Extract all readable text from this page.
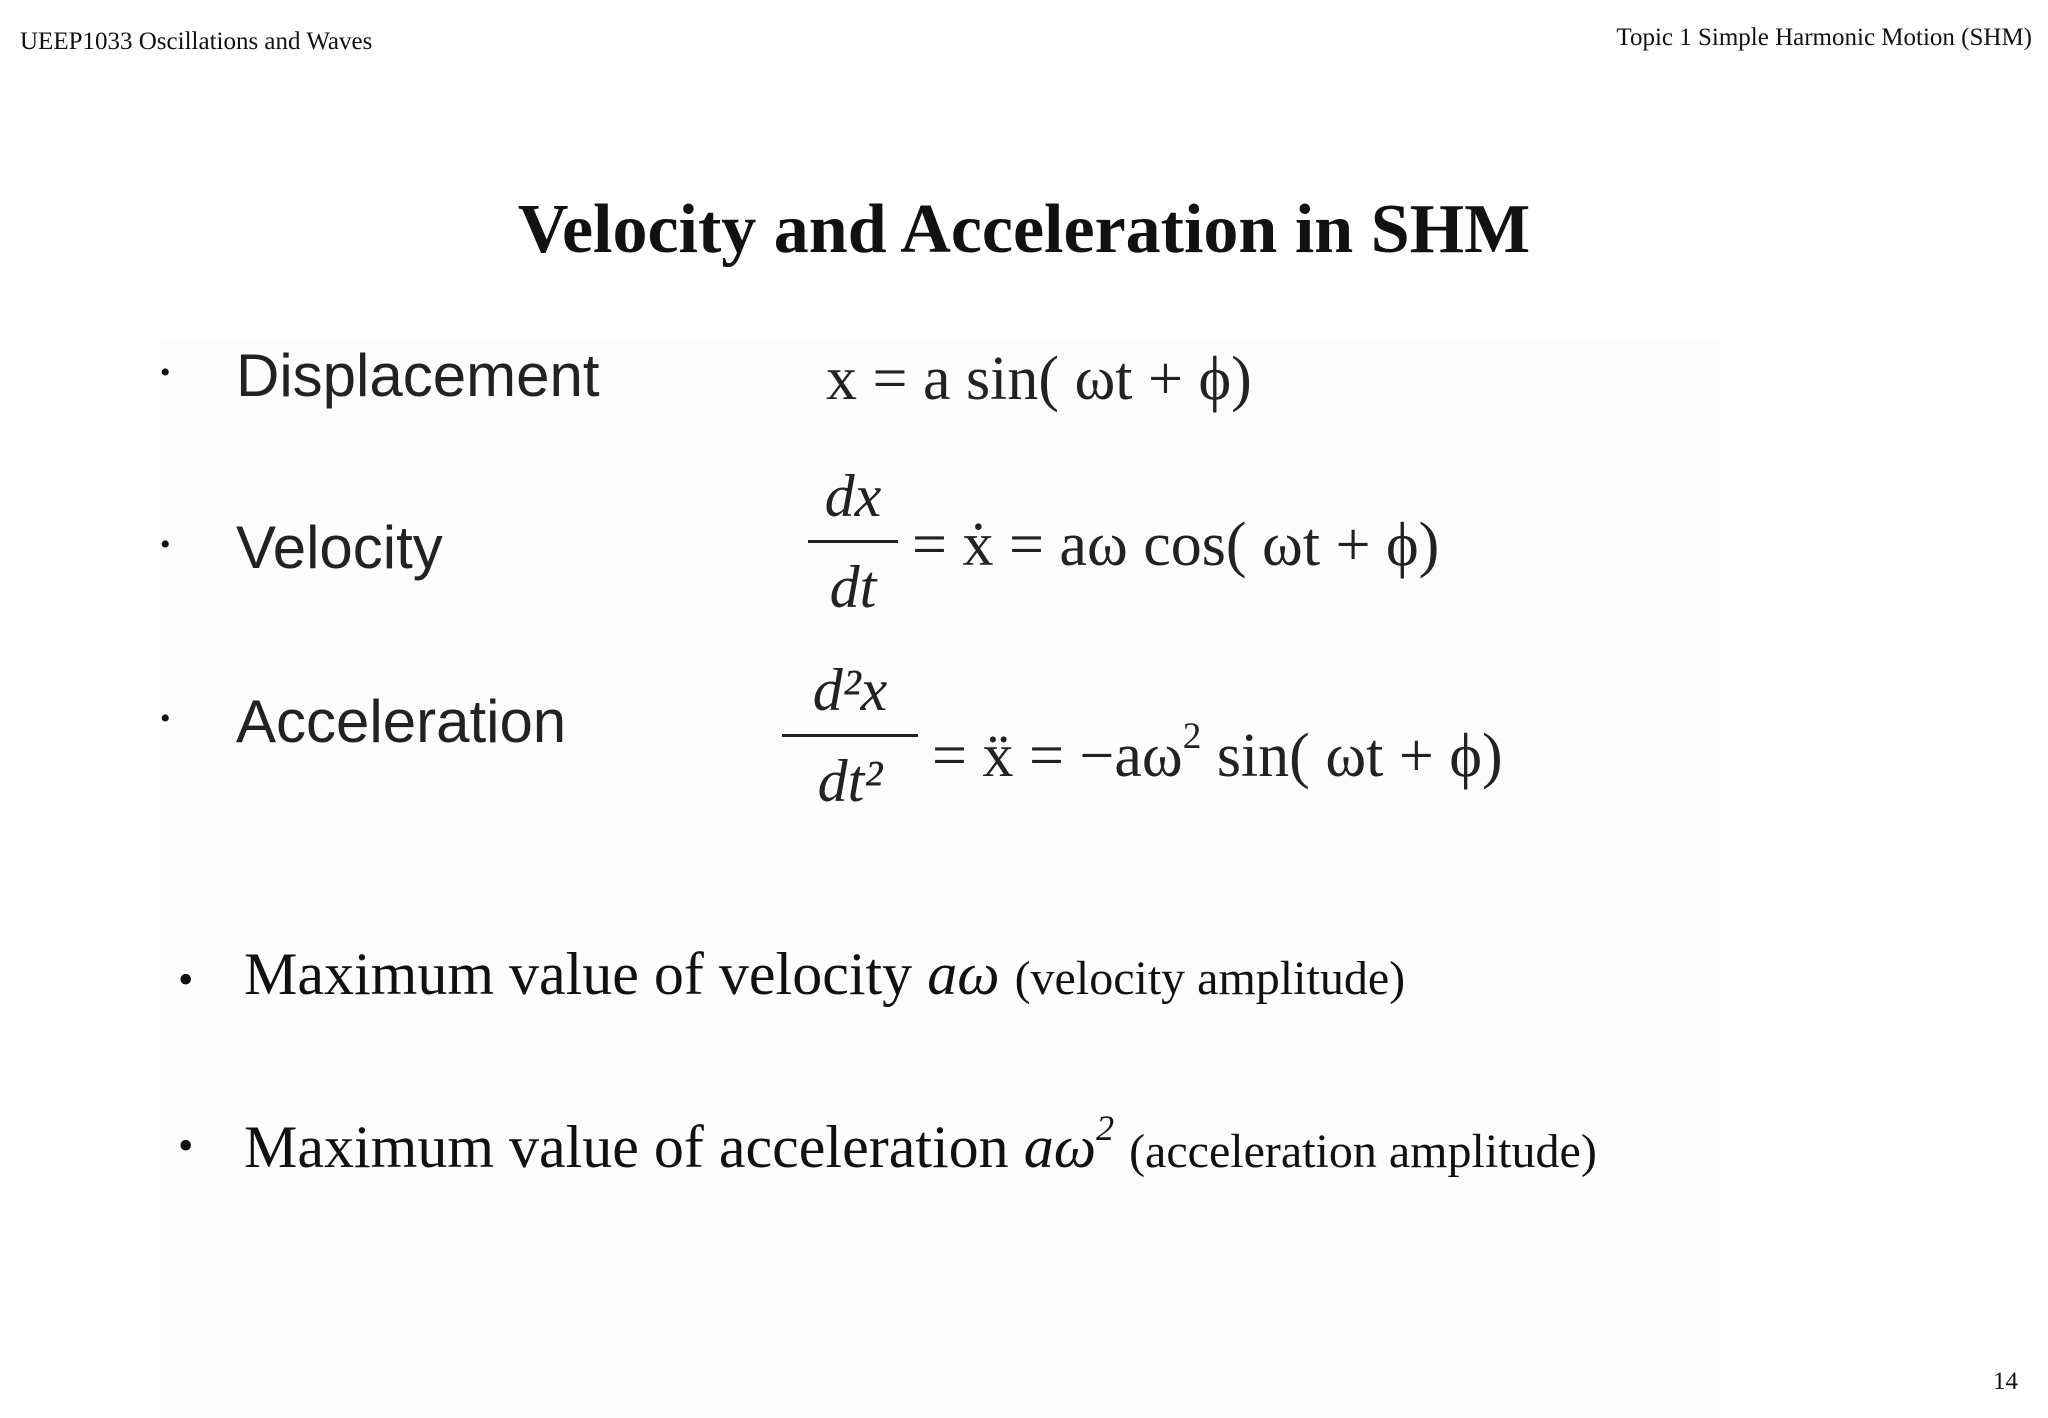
UEEP1033 Oscillations and Waves	Topic 1 Simple Harmonic Motion (SHM)
Velocity and Acceleration in SHM
• Displacement	x = a sin( ωt + ϕ)
• Velocity
dx
dt
= ẋ = aω cos( ωt + ϕ)
• Acceleration	d²x
dt² = ẍ = $-a\omega^2$ sin( ωt + ϕ)
• Maximum value of velocity aω (velocity amplitude)
• Maximum value of acceleration $a\omega^2$ (acceleration amplitude)
14
